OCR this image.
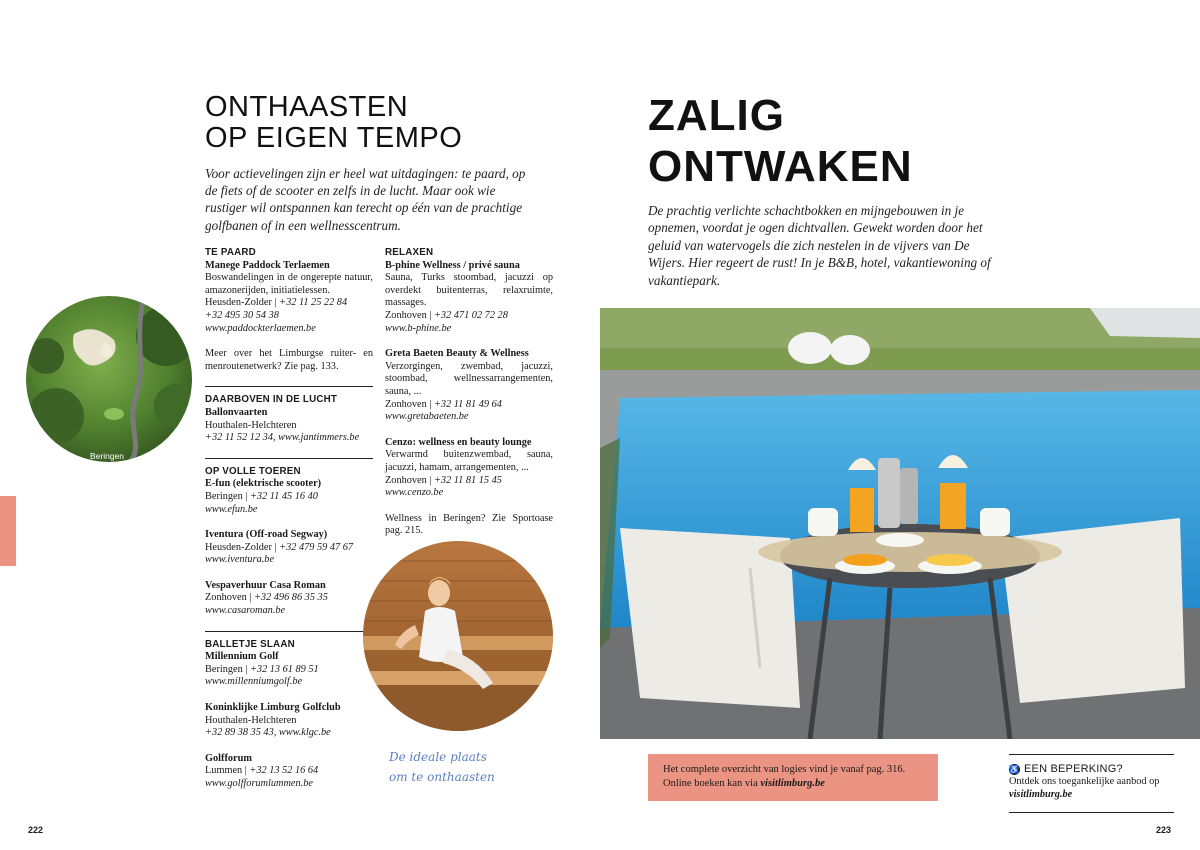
ONTHAASTEN
OP EIGEN TEMPO

Voor actievelingen zijn er heel wat uitdagingen: te paard, op de fiets of de scooter en zelfs in de lucht. Maar ook wie rustiger wil ontspannen kan terecht op één van de prachtige golfbanen of in een wellnesscentrum.

Beringen
TE PAARD
Manege Paddock Terlaemen
Boswandelingen in de ongerepte natuur, amazonerijden, initiatielessen.
Heusden-Zolder | +32 11 25 22 84
+32 495 30 54 38
www.paddockterlaemen.be

Meer over het Limburgse ruiter- en menroutenetwerk? Zie pag. 133.

DAARBOVEN IN DE LUCHT
Ballonvaarten
Houthalen-Helchteren
+32 11 52 12 34, www.jantimmers.be
OP VOLLE TOEREN
E-fun (elektrische scooter)
Beringen | +32 11 45 16 40
www.efun.be
Iventura (Off-road Segway)
Heusden-Zolder | +32 479 59 47 67
www.iventura.be
Vespaverhuur Casa Roman
Zonhoven | +32 496 86 35 35
www.casaroman.be
BALLETJE SLAAN
Millennium Golf
Beringen | +32 13 61 89 51
www.millenniumgolf.be
Koninklijke Limburg Golfclub
Houthalen-Helchteren
+32 89 38 35 43, www.klgc.be
Golfforum
Lummen | +32 13 52 16 64
www.golfforumlummen.be
RELAXEN
B-phine Wellness / privé sauna
Sauna, Turks stoombad, jacuzzi op overdekt buitenterras, relaxruimte, massages.
Zonhoven | +32 471 02 72 28
www.b-phine.be
Greta Baeten Beauty & Wellness
Verzorgingen, zwembad, jacuzzi, stoombad, wellnessarrangementen, sauna, ...
Zonhoven | +32 11 81 49 64
www.gretabaeten.be
Cenzo: wellness en beauty lounge
Verwarmd buitenzwembad, sauna, jacuzzi, hamam, arrangementen, ...
Zonhoven | +32 11 81 15 45
www.cenzo.be

Wellness in Beringen? Zie Sportoase pag. 215.

De ideale plaats
om te onthaasten
222
ZALIG
ONTWAKEN

De prachtig verlichte schachtbokken en mijngebouwen in je opnemen, voordat je ogen dichtvallen. Gewekt worden door het geluid van watervogels die zich nestelen in de vijvers van De Wijers. Hier regeert de rust! In je B&B, hotel, vakantiewoning of vakantiepark.

Het complete overzicht van logies vind je vanaf pag. 316.
Online boeken kan via visitlimburg.be
♿ EEN BEPERKING?
Ontdek ons toegankelijke aanbod op
visitlimburg.be
223
